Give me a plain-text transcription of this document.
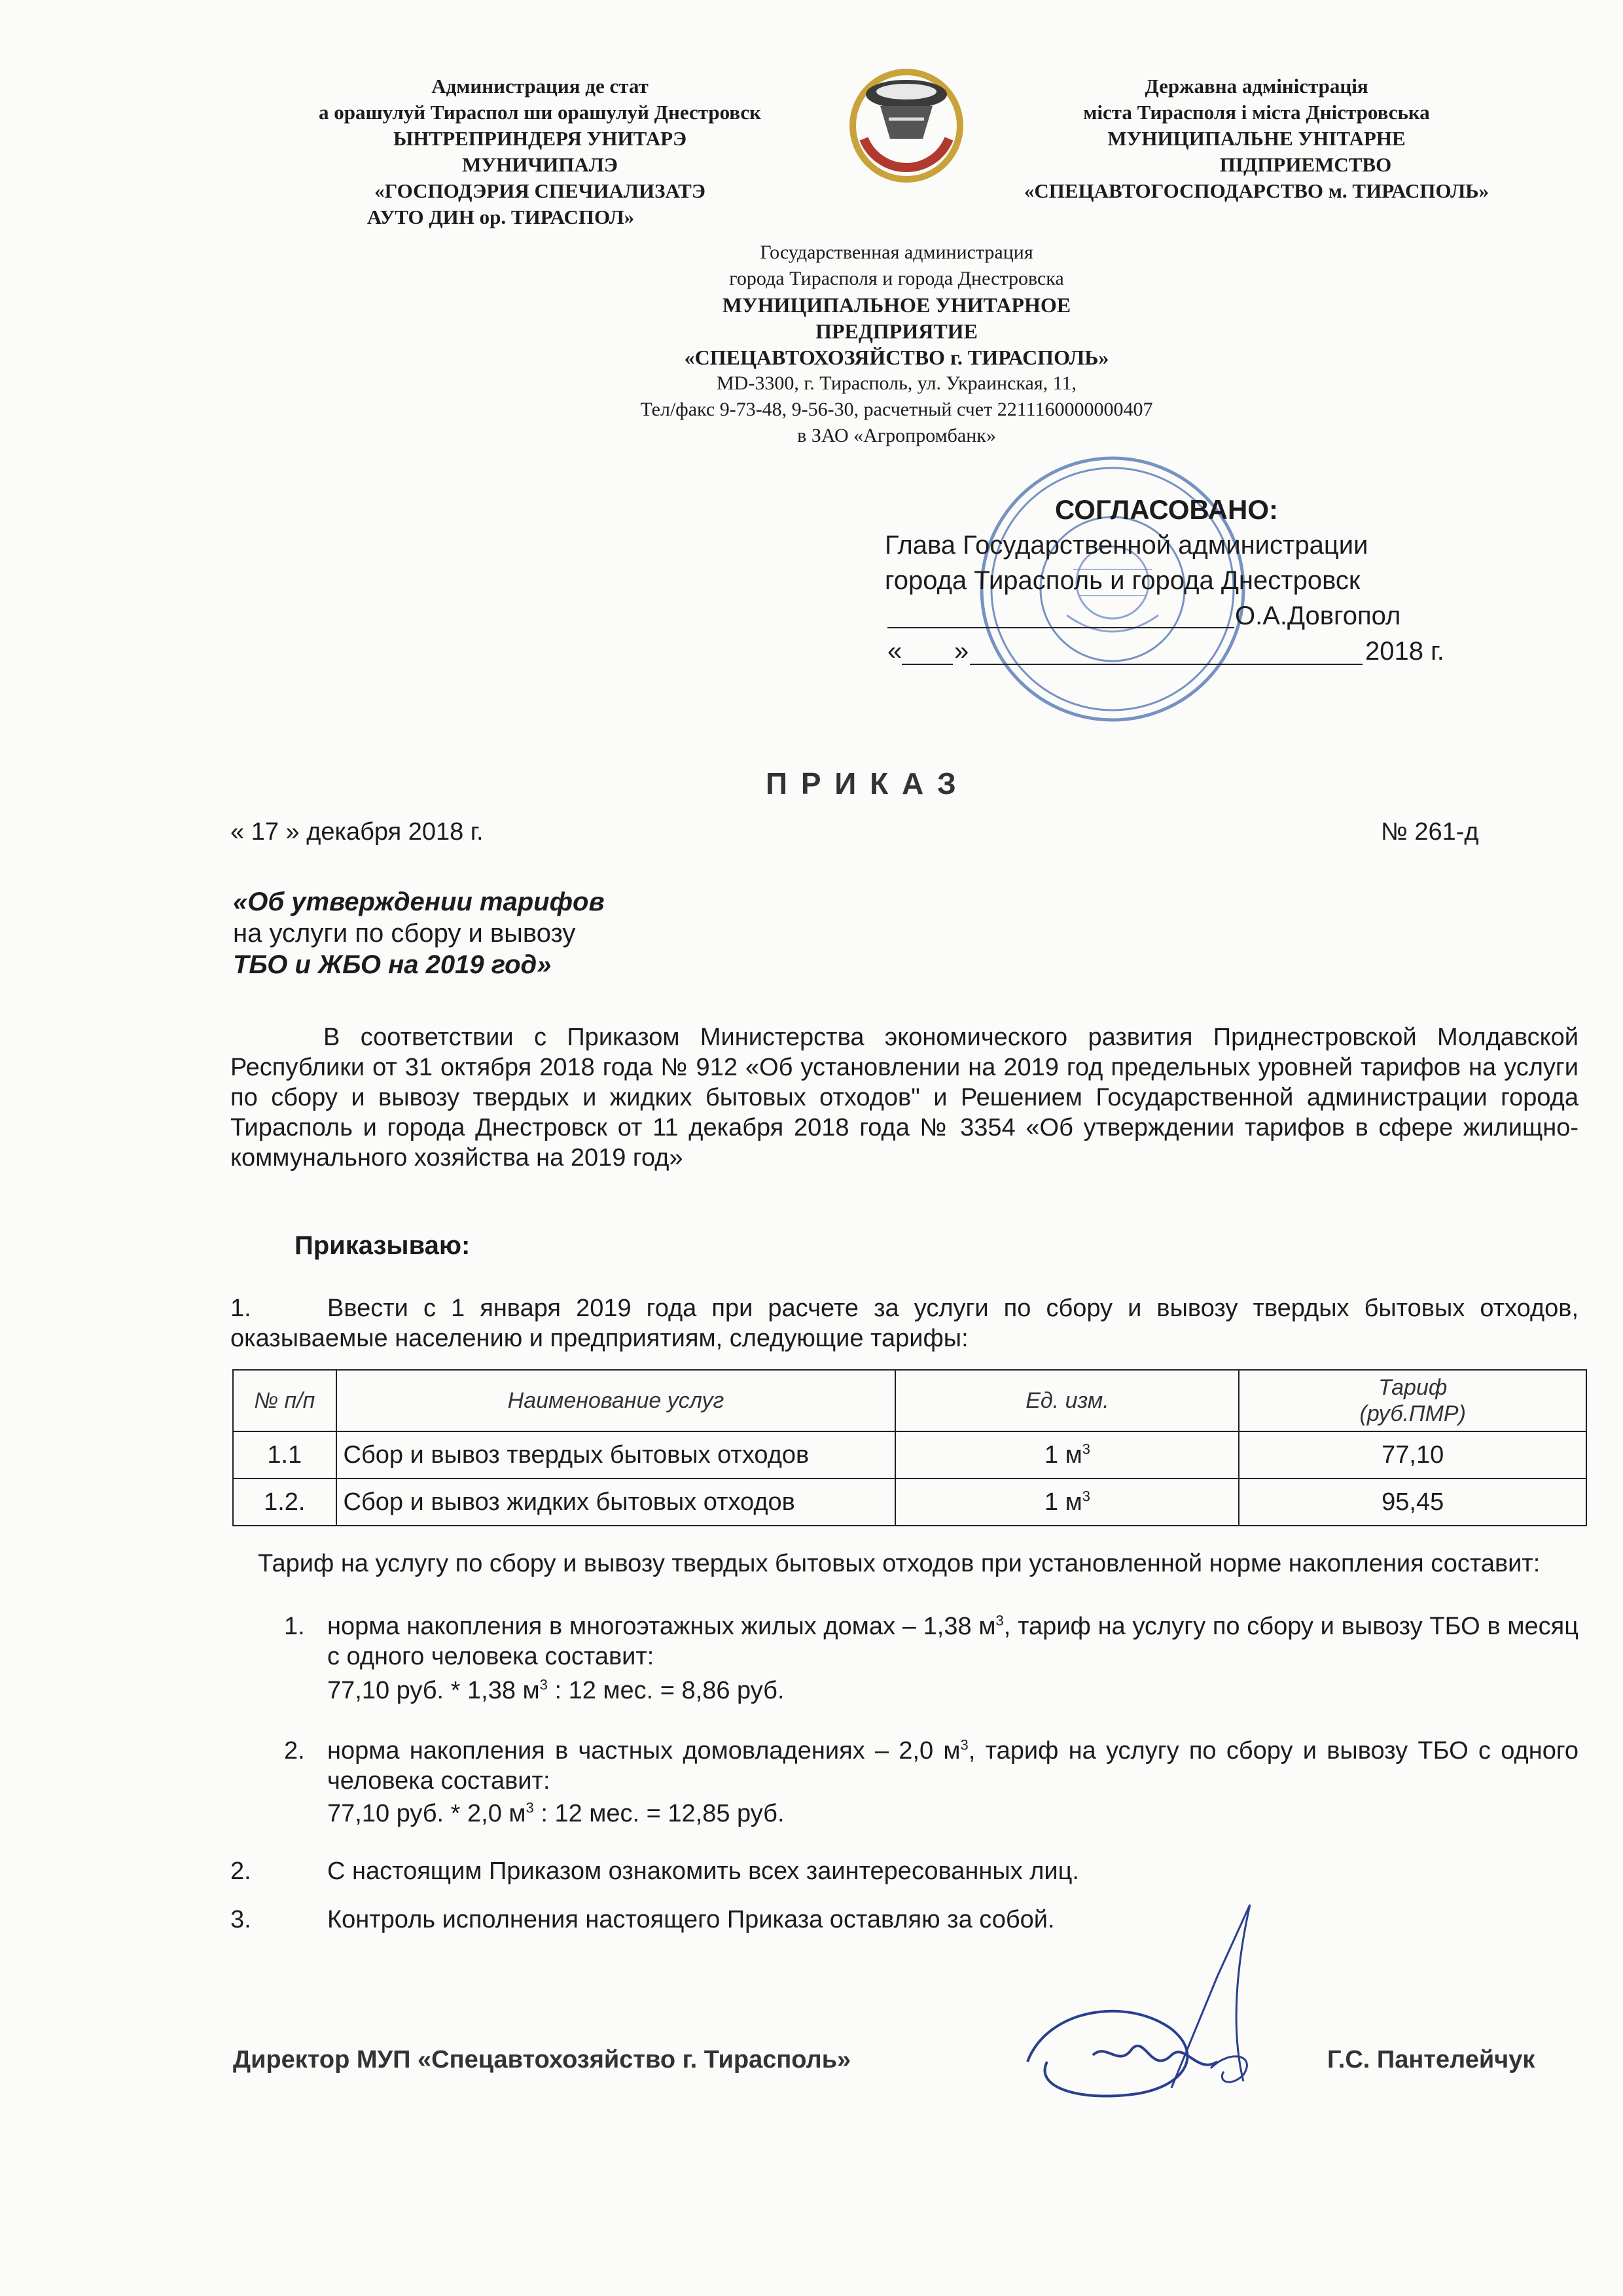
Администрация де стат
а орашулуй Тираспол ши орашулуй Днестровск
ЫНТРЕПРИНДЕРЯ УНИТАРЭ
МУНИЧИПАЛЭ
«ГОСПОДЭРИЯ СПЕЧИАЛИЗАТЭ
АУТО ДИН ор. ТИРАСПОЛ»
Державна адміністрація
міста Тирасполя і міста Днiстровська
МУНИЦИПАЛЬНЕ УНІТАРНЕ
ПІДПРИЕМСТВО
«СПЕЦАВТОГОСПОДАРСТВО м. ТИРАСПОЛЬ»
Государственная администрация
города Тирасполя и города Днестровска
МУНИЦИПАЛЬНОЕ УНИТАРНОЕ
ПРЕДПРИЯТИЕ
«СПЕЦАВТОХОЗЯЙСТВО г. ТИРАСПОЛЬ»
MD-3300, г. Тирасполь, ул. Украинская, 11,
Тел/факс 9-73-48, 9-56-30, расчетный счет 2211160000000407
в ЗАО «Агропромбанк»
СОГЛАСОВАНО:
Глава Государственной администрации
города Тирасполь и города Днестровск
О.А.Довгопол
« »	2018 г.
П Р И К А З
« 17 » декабря 2018 г.	№ 261-д
«Об утверждении тарифов
на услуги по сбору и вывозу
ТБО и ЖБО на 2019 год»
В соответствии с Приказом Министерства экономического развития Приднестровской Молдавской Республики от 31 октября 2018 года № 912 «Об установлении на 2019 год предельных уровней тарифов на услуги по сбору и вывозу твердых и жидких бытовых отходов" и Решением Государственной администрации города Тирасполь и города Днестровск от 11 декабря 2018 года № 3354 «Об утверждении тарифов в сфере жилищно-коммунального хозяйства на 2019 год»
Приказываю:
1.	Ввести с 1 января 2019 года при расчете за услуги по сбору и вывозу твердых бытовых отходов, оказываемые населению и предприятиям, следующие тарифы:
№ п/п	Наименование услуг	Ед. изм.	Тариф
(руб.ПМР)

1.1	Сбор и вывоз твердых бытовых отходов	1 $м^3$	77,10
1.2.	Сбор и вывоз жидких бытовых отходов	1 $м^3$	95,45
Тариф на услугу по сбору и вывозу твердых бытовых отходов при установленной норме накопления составит:
1. норма накопления в многоэтажных жилых домах – 1,38 $м^3$, тариф на услугу по сбору и вывозу ТБО в месяц с одного человека составит:
77,10 руб. * 1,38 $м^3$ : 12 мес. = 8,86 руб.
2. норма накопления в частных домовладениях – 2,0 $м^3$, тариф на услугу по сбору и вывозу ТБО с одного человека составит:
77,10 руб. * 2,0 $м^3$ : 12 мес. = 12,85 руб.
2.	С настоящим Приказом ознакомить всех заинтересованных лиц.
3.	Контроль исполнения настоящего Приказа оставляю за собой.
Директор МУП «Спецавтохозяйство г. Тирасполь»	Г.С. Пантелейчук
